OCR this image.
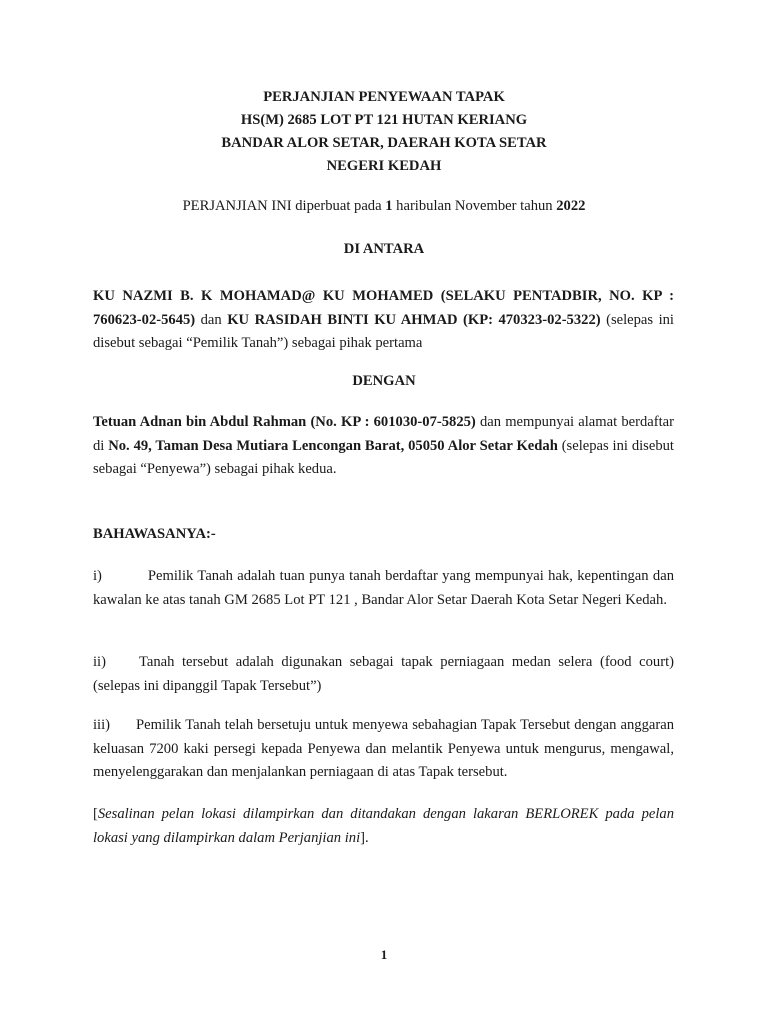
PERJANJIAN PENYEWAAN TAPAK
HS(M) 2685 LOT PT 121 HUTAN KERIANG
BANDAR ALOR SETAR, DAERAH KOTA SETAR
NEGERI KEDAH
PERJANJIAN INI diperbuat pada 1 haribulan November tahun 2022
DI ANTARA
KU NAZMI B. K MOHAMAD@ KU MOHAMED (SELAKU PENTADBIR, NO. KP : 760623-02-5645) dan KU RASIDAH BINTI KU AHMAD (KP: 470323-02-5322) (selepas ini disebut sebagai “Pemilik Tanah”) sebagai pihak pertama
DENGAN
Tetuan Adnan bin Abdul Rahman (No. KP : 601030-07-5825) dan mempunyai alamat berdaftar di No. 49, Taman Desa Mutiara Lencongan Barat, 05050 Alor Setar Kedah (selepas ini disebut sebagai “Penyewa”) sebagai pihak kedua.
BAHAWASANYA:-
i)	Pemilik Tanah adalah tuan punya tanah berdaftar yang mempunyai hak, kepentingan dan kawalan ke atas tanah GM 2685 Lot PT 121 , Bandar Alor Setar Daerah Kota Setar Negeri Kedah.
ii) Tanah tersebut adalah digunakan sebagai tapak perniagaan medan selera (food court) (selepas ini dipanggil Tapak Tersebut”)
iii) Pemilik Tanah telah bersetuju untuk menyewa sebahagian Tapak Tersebut dengan anggaran keluasan 7200 kaki persegi kepada Penyewa dan melantik Penyewa untuk mengurus, mengawal, menyelenggarakan dan menjalankan perniagaan di atas Tapak tersebut.
[Sesalinan pelan lokasi dilampirkan dan ditandakan dengan lakaran BERLOREK pada pelan lokasi yang dilampirkan dalam Perjanjian ini].
1
